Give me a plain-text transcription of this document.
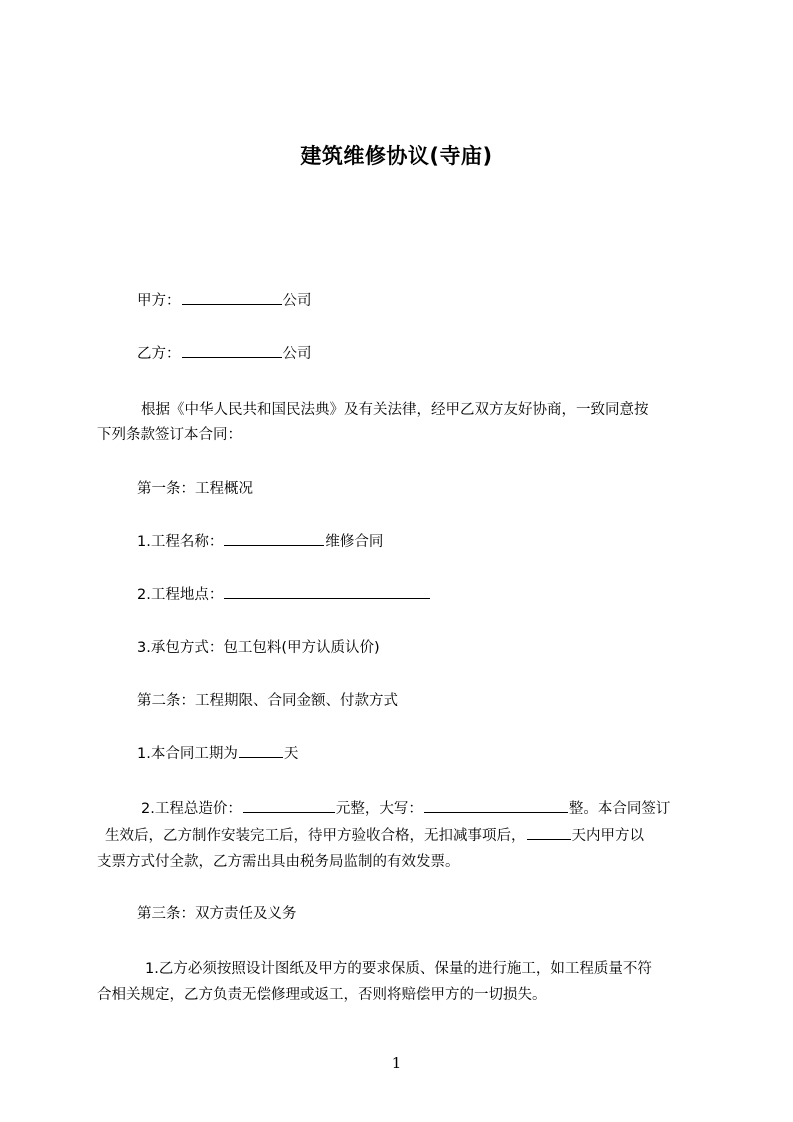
建筑维修协议(寺庙)
甲方：	公司
乙方：	公司
根据《中华人民共和国民法典》及有关法律，经甲乙双方友好协商，一致同意按
下列条款签订本合同：
第一条：工程概况
1.工程名称：	维修合同
2.工程地点：
3.承包方式：包工包料(甲方认质认价)
第二条：工程期限、合同金额、付款方式
1.本合同工期为	天
2.工程总造价：	元整，大写：	整。本合同签订
生效后，乙方制作安装完工后，待甲方验收合格，无扣减事项后，	天内甲方以
支票方式付全款，乙方需出具由税务局监制的有效发票。
第三条：双方责任及义务
1.乙方必须按照设计图纸及甲方的要求保质、保量的进行施工，如工程质量不符
合相关规定，乙方负责无偿修理或返工，否则将赔偿甲方的一切损失。
1
